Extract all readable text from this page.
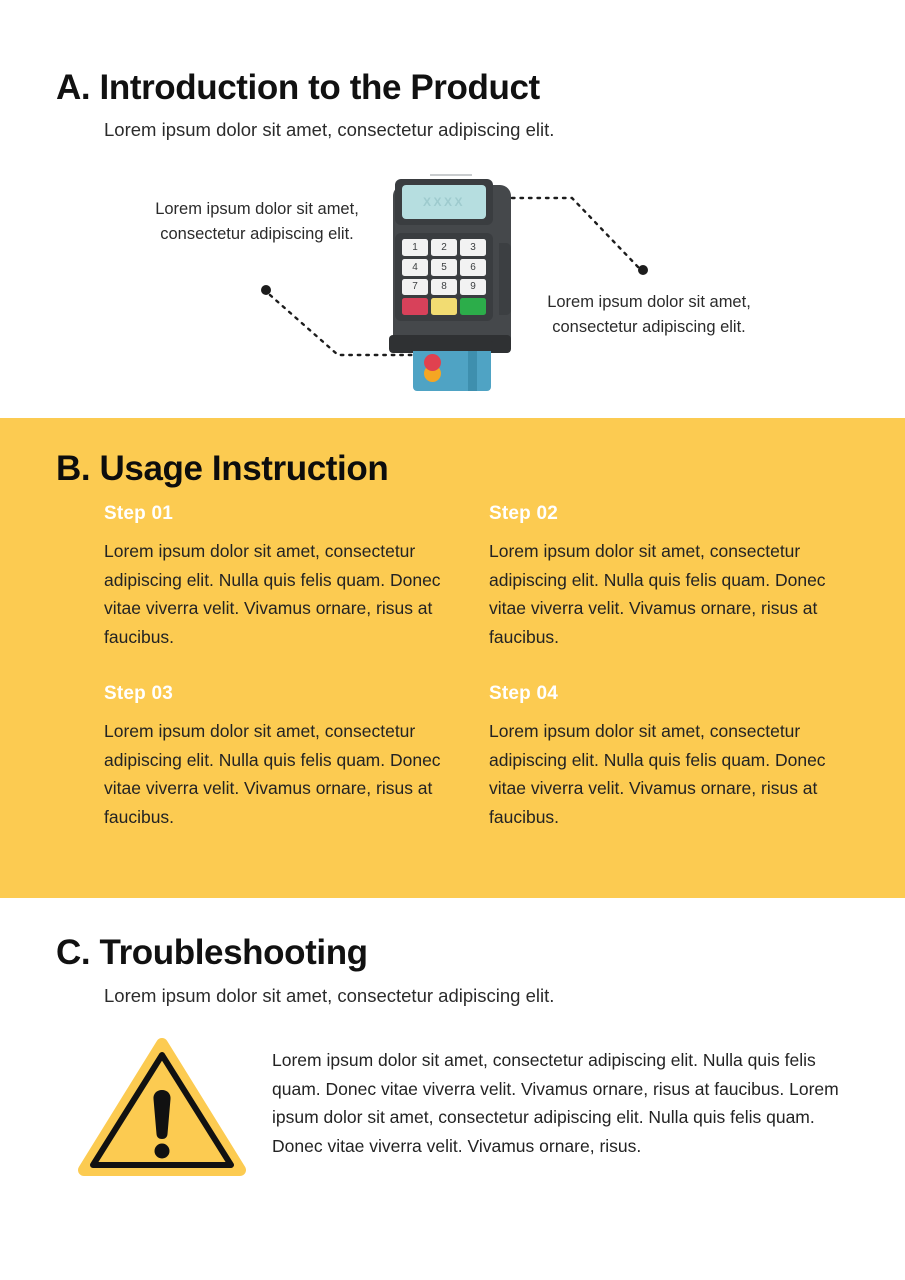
A. Introduction to the Product

Lorem ipsum dolor sit amet, consectetur adipiscing elit.

Lorem ipsum dolor sit amet, consectetur adipiscing elit.
Lorem ipsum dolor sit amet, consectetur adipiscing elit.
XXXX
1	2	3
4	5	6
7	8	9
B. Usage Instruction

Step 01

Lorem ipsum dolor sit amet, consectetur adipiscing elit. Nulla quis felis quam. Donec vitae viverra velit. Vivamus ornare, risus at faucibus.

Step 02

Lorem ipsum dolor sit amet, consectetur adipiscing elit. Nulla quis felis quam. Donec vitae viverra velit. Vivamus ornare, risus at faucibus.

Step 03

Lorem ipsum dolor sit amet, consectetur adipiscing elit. Nulla quis felis quam. Donec vitae viverra velit. Vivamus ornare, risus at faucibus.

Step 04

Lorem ipsum dolor sit amet, consectetur adipiscing elit. Nulla quis felis quam. Donec vitae viverra velit. Vivamus ornare, risus at faucibus.

C. Troubleshooting

Lorem ipsum dolor sit amet, consectetur adipiscing elit.

Lorem ipsum dolor sit amet, consectetur adipiscing elit. Nulla quis felis quam. Donec vitae viverra velit. Vivamus ornare, risus at faucibus. Lorem ipsum dolor sit amet, consectetur adipiscing elit. Nulla quis felis quam. Donec vitae viverra velit. Vivamus ornare, risus.
